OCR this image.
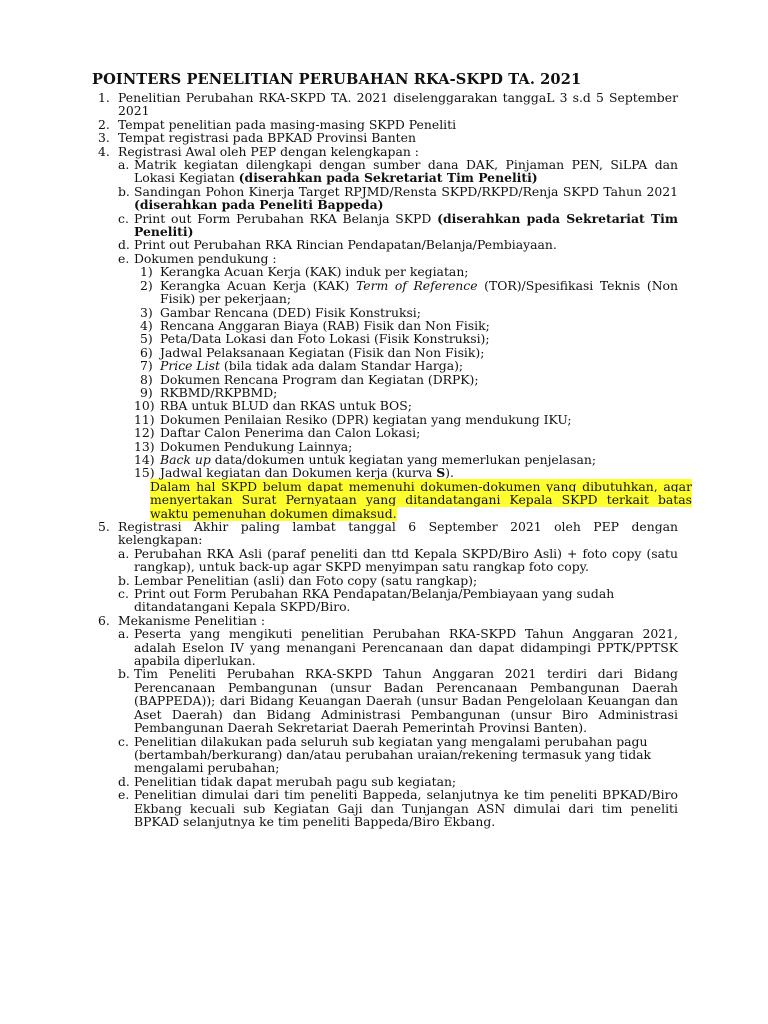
POINTERS PENELITIAN PERUBAHAN RKA-SKPD TA. 2021
1. Penelitian Perubahan RKA-SKPD TA. 2021 diselenggarakan tanggaL 3 s.d 5 September 2021

2. Tempat penelitian pada masing-masing SKPD Peneliti

3. Tempat registrasi pada BPKAD Provinsi Banten

4. Registrasi Awal oleh PEP dengan kelengkapan :

a. Matrik kegiatan dilengkapi dengan sumber dana DAK, Pinjaman PEN, SiLPA dan Lokasi Kegiatan (diserahkan pada Sekretariat Tim Peneliti)

b. Sandingan Pohon Kinerja Target RPJMD/Rensta SKPD/RKPD/Renja SKPD Tahun 2021 (diserahkan pada Peneliti Bappeda)

c. Print out Form Perubahan RKA Belanja SKPD (diserahkan pada Sekretariat Tim Peneliti)

d. Print out Perubahan RKA Rincian Pendapatan/Belanja/Pembiayaan.

e. Dokumen pendukung :

1) Kerangka Acuan Kerja (KAK) induk per kegiatan;

2) Kerangka Acuan Kerja (KAK) Term of Reference (TOR)/Spesifikasi Teknis (Non Fisik) per pekerjaan;

3) Gambar Rencana (DED) Fisik Konstruksi;

4) Rencana Anggaran Biaya (RAB) Fisik dan Non Fisik;

5) Peta/Data Lokasi dan Foto Lokasi (Fisik Konstruksi);

6) Jadwal Pelaksanaan Kegiatan (Fisik dan Non Fisik);

7) Price List (bila tidak ada dalam Standar Harga);

8) Dokumen Rencana Program dan Kegiatan (DRPK);

9) RKBMD/RKPBMD;

10) RBA untuk BLUD dan RKAS untuk BOS;

11) Dokumen Penilaian Resiko (DPR) kegiatan yang mendukung IKU;

12) Daftar Calon Penerima dan Calon Lokasi;

13) Dokumen Pendukung Lainnya;

14) Back up data/dokumen untuk kegiatan yang memerlukan penjelasan;

15) Jadwal kegiatan dan Dokumen kerja (kurva S).

Dalam hal SKPD belum dapat memenuhi dokumen-dokumen yang dibutuhkan, agar menyertakan Surat Pernyataan yang ditandatangani Kepala SKPD terkait batas waktu pemenuhan dokumen dimaksud.

5. Registrasi Akhir paling lambat tanggal 6 September 2021 oleh PEP dengan kelengkapan:

a. Perubahan RKA Asli (paraf peneliti dan ttd Kepala SKPD/Biro Asli) + foto copy (satu rangkap), untuk back-up agar SKPD menyimpan satu rangkap foto copy.

b. Lembar Penelitian (asli) dan Foto copy (satu rangkap);

c. Print out Form Perubahan RKA Pendapatan/Belanja/Pembiayaan yang sudah ditandatangani Kepala SKPD/Biro.

6. Mekanisme Penelitian :

a. Peserta yang mengikuti penelitian Perubahan RKA-SKPD Tahun Anggaran 2021, adalah Eselon IV yang menangani Perencanaan dan dapat didampingi PPTK/PPTSK apabila diperlukan.

b. Tim Peneliti Perubahan RKA-SKPD Tahun Anggaran 2021 terdiri dari Bidang Perencanaan Pembangunan (unsur Badan Perencanaan Pembangunan Daerah (BAPPEDA)); dari Bidang Keuangan Daerah (unsur Badan Pengelolaan Keuangan dan Aset Daerah) dan Bidang Administrasi Pembangunan (unsur Biro Administrasi Pembangunan Daerah Sekretariat Daerah Pemerintah Provinsi Banten).

c. Penelitian dilakukan pada seluruh sub kegiatan yang mengalami perubahan pagu (bertambah/berkurang) dan/atau perubahan uraian/rekening termasuk yang tidak mengalami perubahan;

d. Penelitian tidak dapat merubah pagu sub kegiatan;

e. Penelitian dimulai dari tim peneliti Bappeda, selanjutnya ke tim peneliti BPKAD/Biro Ekbang kecuali sub Kegiatan Gaji dan Tunjangan ASN dimulai dari tim peneliti BPKAD selanjutnya ke tim peneliti Bappeda/Biro Ekbang.
